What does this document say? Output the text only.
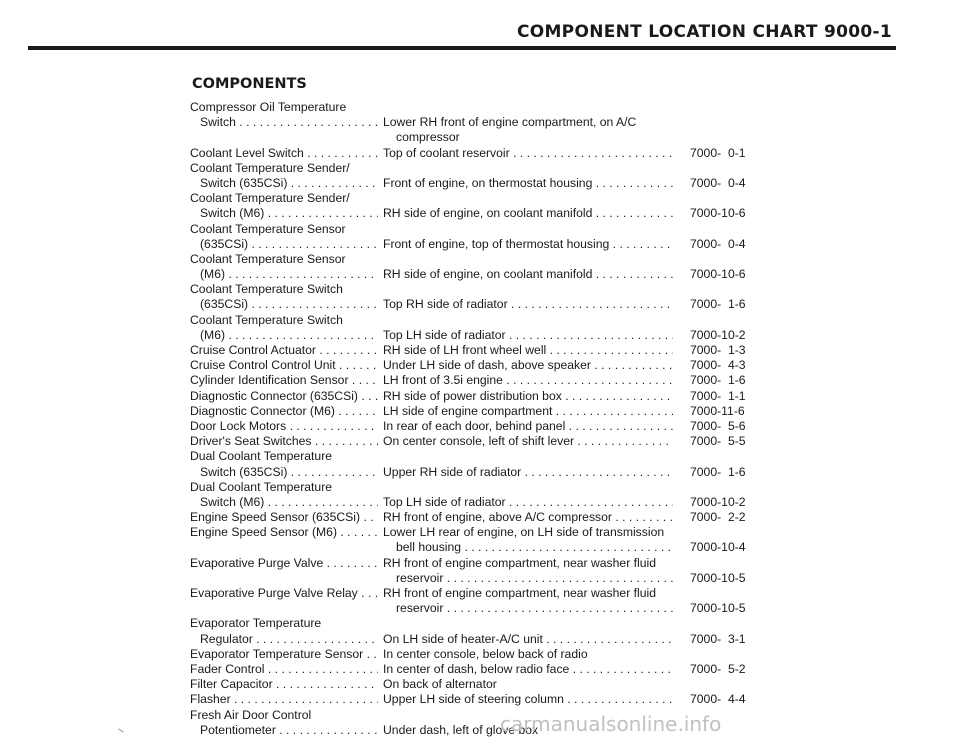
COMPONENT LOCATION CHART 9000-1
COMPONENTS
Compressor Oil Temperature
Switch . . .	Lower RH front of engine compartment, on A/C
compressor
Coolant Level Switch . . .	Top of coolant reservoir . . .	7000-  0-1
Coolant Temperature Sender/
Switch (635CSi) . . .	Front of engine, on thermostat housing . . .	7000-  0-4
Coolant Temperature Sender/
Switch (M6) . . .	RH side of engine, on coolant manifold . . .	7000-10-6
Coolant Temperature Sensor
(635CSi) . . .	Front of engine, top of thermostat housing . . .	7000-  0-4
Coolant Temperature Sensor
(M6) . . .	RH side of engine, on coolant manifold . . .	7000-10-6
Coolant Temperature Switch
(635CSi) . . .	Top RH side of radiator . . .	7000-  1-6
Coolant Temperature Switch
(M6) . . .	Top LH side of radiator . . .	7000-10-2
Cruise Control Actuator . . .	RH side of LH front wheel well . . .	7000-  1-3
Cruise Control Control Unit . . .	Under LH side of dash, above speaker . . .	7000-  4-3
Cylinder Identification Sensor . . .	LH front of 3.5i engine . . .	7000-  1-6
Diagnostic Connector (635CSi) . . .	RH side of power distribution box . . .	7000-  1-1
Diagnostic Connector (M6) . . .	LH side of engine compartment . . .	7000-11-6
Door Lock Motors . . .	In rear of each door, behind panel . . .	7000-  5-6
Driver's Seat Switches . . .	On center console, left of shift lever . . .	7000-  5-5
Dual Coolant Temperature
Switch (635CSi) . . .	Upper RH side of radiator . . .	7000-  1-6
Dual Coolant Temperature
Switch (M6) . . .	Top LH side of radiator . . .	7000-10-2
Engine Speed Sensor (635CSi) . . .	RH front of engine, above A/C compressor . . .	7000-  2-2
Engine Speed Sensor (M6) . . .	Lower LH rear of engine, on LH side of transmission
bell housing . . .	7000-10-4
Evaporative Purge Valve . . .	RH front of engine compartment, near washer fluid
reservoir . . .	7000-10-5
Evaporative Purge Valve Relay . . .	RH front of engine compartment, near washer fluid
reservoir . . .	7000-10-5
Evaporator Temperature
Regulator . . .	On LH side of heater-A/C unit . . .	7000-  3-1
Evaporator Temperature Sensor . . .	In center console, below back of radio
Fader Control . . .	In center of dash, below radio face . . .	7000-  5-2
Filter Capacitor . . .	On back of alternator
Flasher . . .	Upper LH side of steering column . . .	7000-  4-4
Fresh Air Door Control
Potentiometer . . .	Under dash, left of glove box
carmanualsonline.info
